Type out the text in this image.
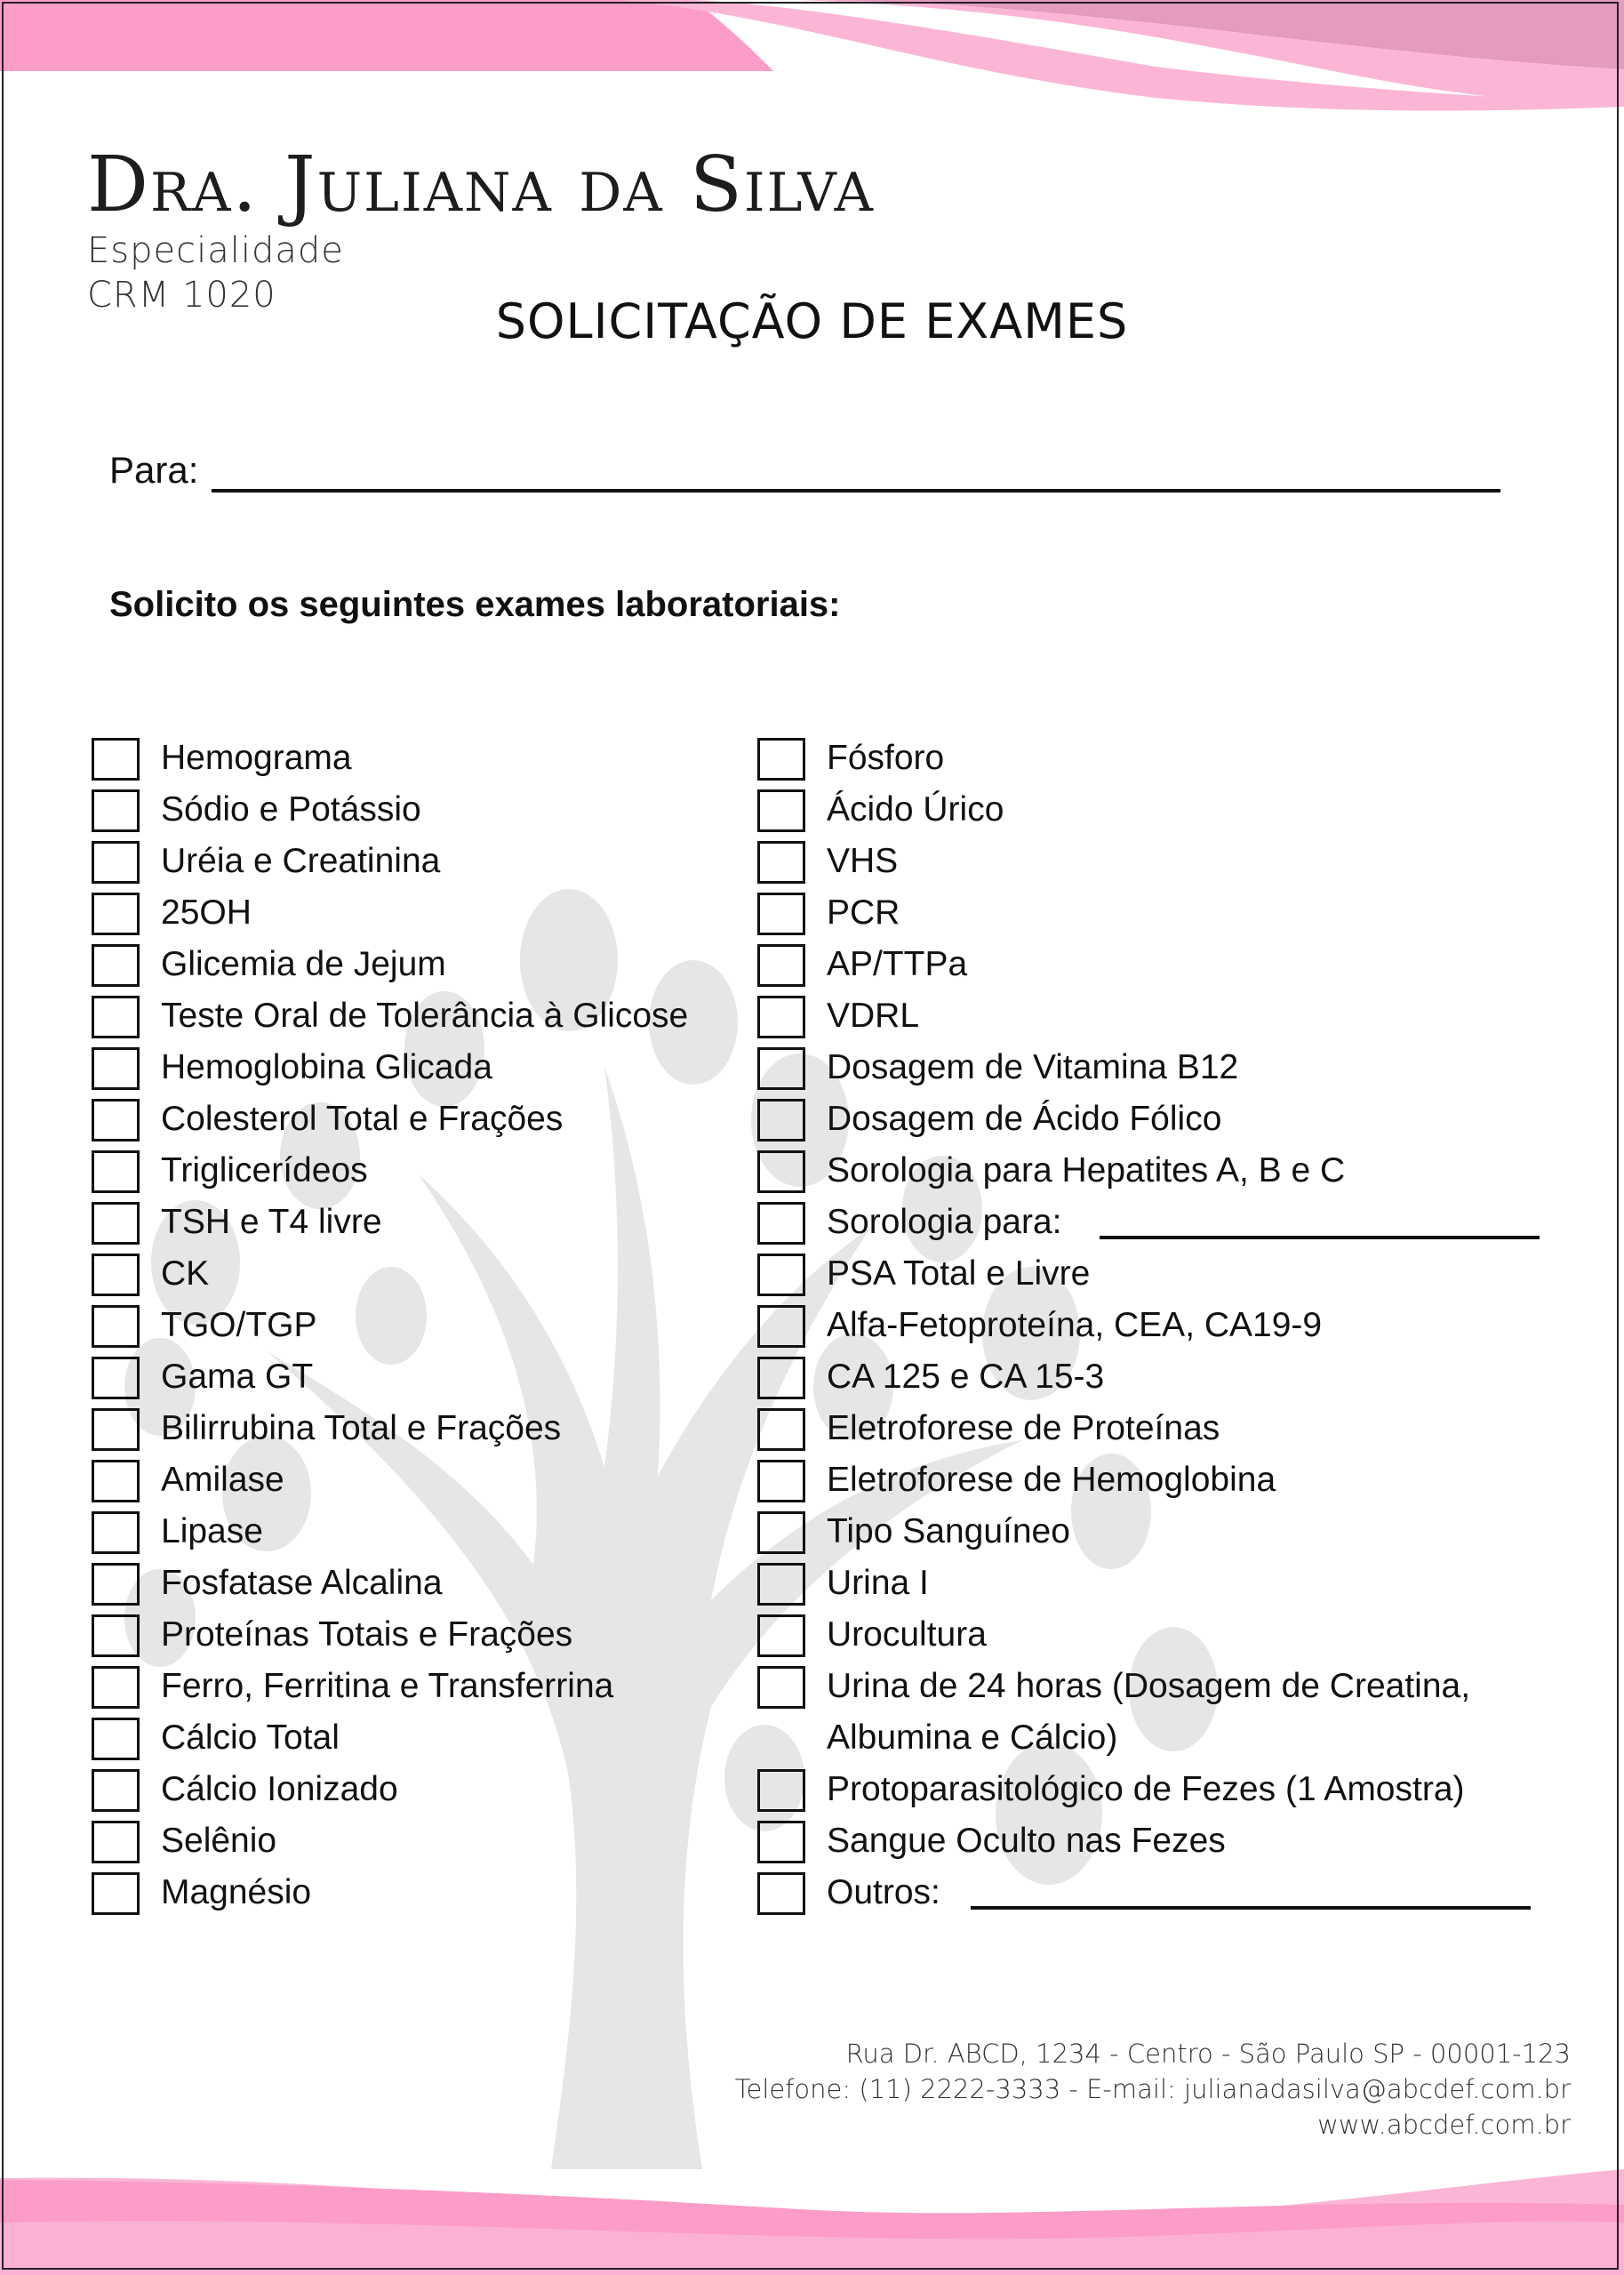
Dra. Juliana da Silva
Especialidade
CRM 1020	SOLICITAÇÃO DE EXAMES
Para:
Solicito os seguintes exames laboratoriais:
Hemograma
Sódio e Potássio
Uréia e Creatinina
25OH
Glicemia de Jejum
Teste Oral de Tolerância à Glicose
Hemoglobina Glicada
Colesterol Total e Frações
Triglicerídeos
TSH e T4 livre
CK
TGO/TGP
Gama GT
Bilirrubina Total e Frações
Amilase
Lipase
Fosfatase Alcalina
Proteínas Totais e Frações
Ferro, Ferritina e Transferrina
Cálcio Total
Cálcio Ionizado
Selênio
Magnésio
Fósforo
Ácido Úrico
VHS
PCR
AP/TTPa
VDRL
Dosagem de Vitamina B12
Dosagem de Ácido Fólico
Sorologia para Hepatites A, B e C
Sorologia para:
PSA Total e Livre
Alfa-Fetoproteína, CEA, CA19-9
CA 125 e CA 15-3
Eletroforese de Proteínas
Eletroforese de Hemoglobina
Tipo Sanguíneo
Urina I
Urocultura
Urina de 24 horas (Dosagem de Creatina, Albumina e Cálcio)
Protoparasitológico de Fezes (1 Amostra)
Sangue Oculto nas Fezes
Outros:
Rua Dr. ABCD, 1234 - Centro - São Paulo SP - 00001-123
Telefone: (11) 2222-3333 - E-mail: julianadasilva@abcdef.com.br
www.abcdef.com.br
